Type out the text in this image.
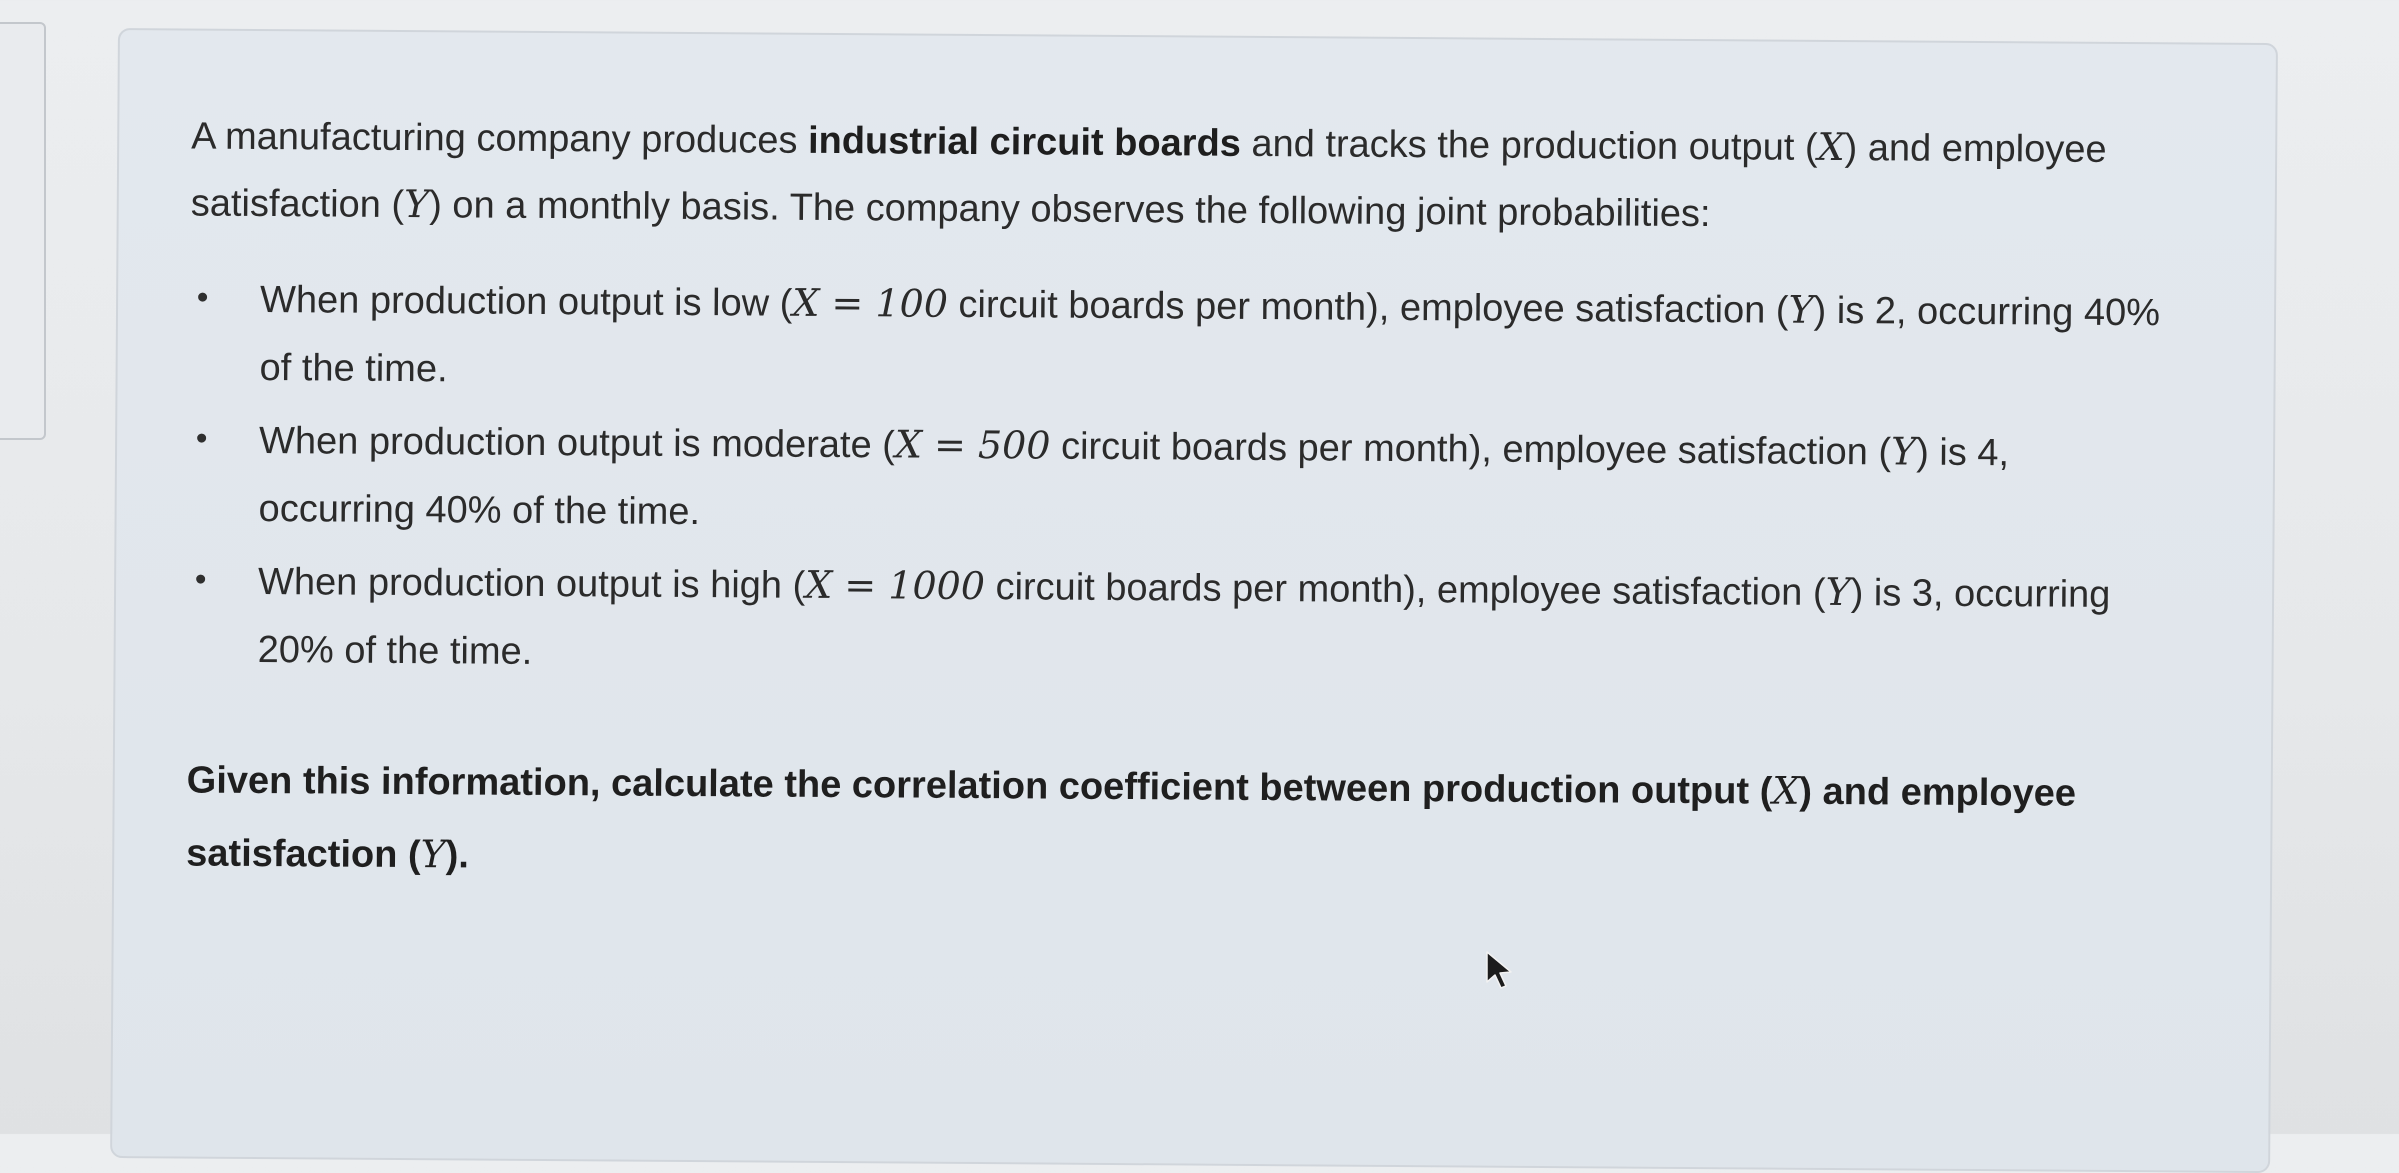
A manufacturing company produces industrial circuit boards and tracks the production output (X) and employee satisfaction (Y) on a monthly basis. The company observes the following joint probabilities:

When production output is low (X = 100 circuit boards per month), employee satisfaction (Y) is 2, occurring 40% of the time.
When production output is moderate (X = 500 circuit boards per month), employee satisfaction (Y) is 4, occurring 40% of the time.
When production output is high (X = 1000 circuit boards per month), employee satisfaction (Y) is 3, occurring 20% of the time.

Given this information, calculate the correlation coefficient between production output (X) and employee satisfaction (Y).
